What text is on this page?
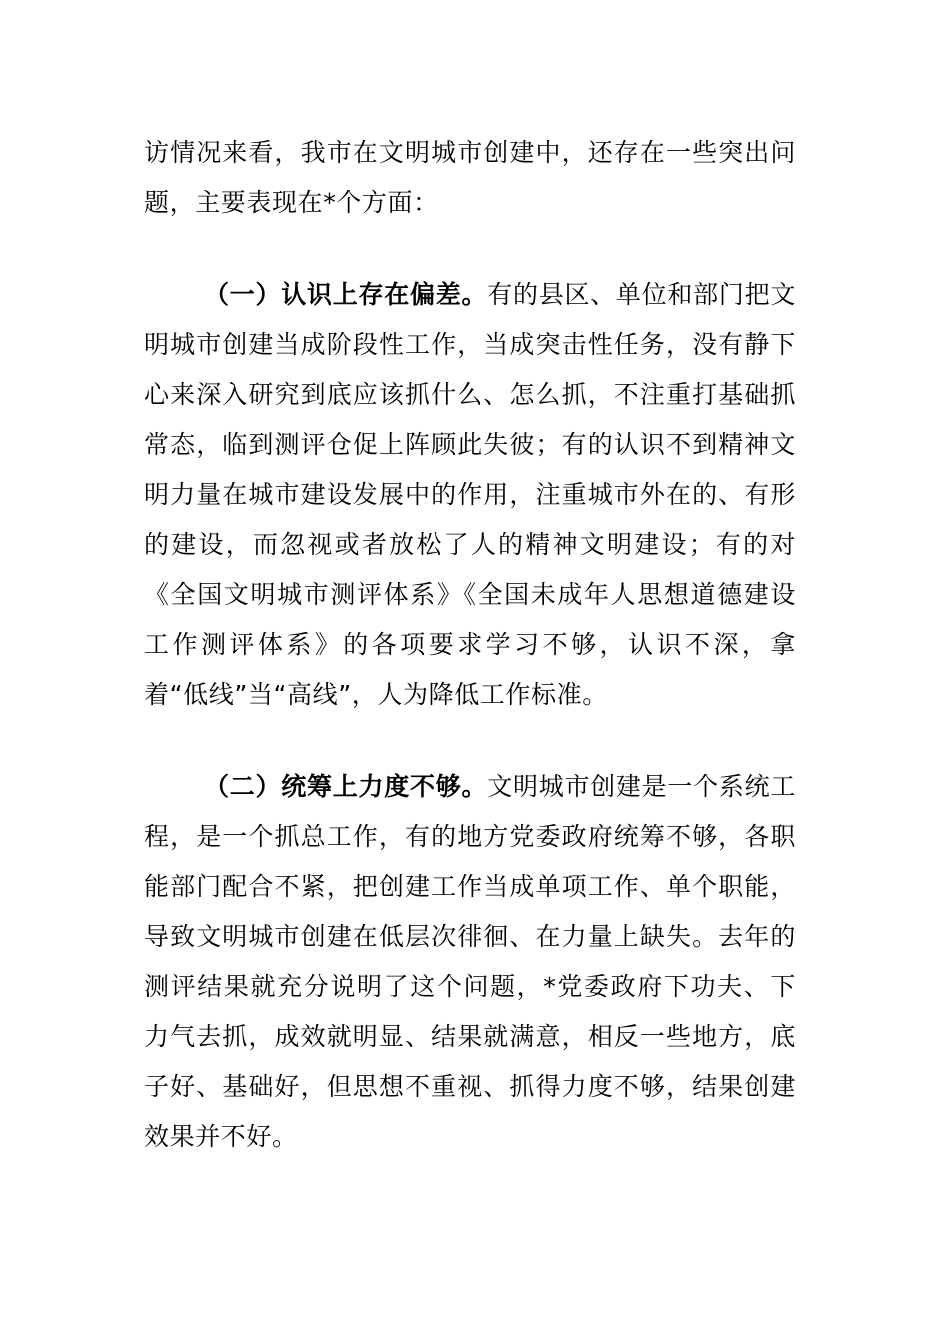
访情况来看，我市在文明城市创建中，还存在一些突出问题，主要表现在*个方面：

（一）认识上存在偏差。有的县区、单位和部门把文明城市创建当成阶段性工作，当成突击性任务，没有静下心来深入研究到底应该抓什么、怎么抓，不注重打基础抓常态，临到测评仓促上阵顾此失彼；有的认识不到精神文明力量在城市建设发展中的作用，注重城市外在的、有形的建设，而忽视或者放松了人的精神文明建设；有的对《全国文明城市测评体系》《全国未成年人思想道德建设工作测评体系》的各项要求学习不够，认识不深，拿着“低线”当“高线”，人为降低工作标准。

（二）统筹上力度不够。文明城市创建是一个系统工程，是一个抓总工作，有的地方党委政府统筹不够，各职能部门配合不紧，把创建工作当成单项工作、单个职能，导致文明城市创建在低层次徘徊、在力量上缺失。去年的测评结果就充分说明了这个问题，*党委政府下功夫、下力气去抓，成效就明显、结果就满意，相反一些地方，底子好、基础好，但思想不重视、抓得力度不够，结果创建效果并不好。
